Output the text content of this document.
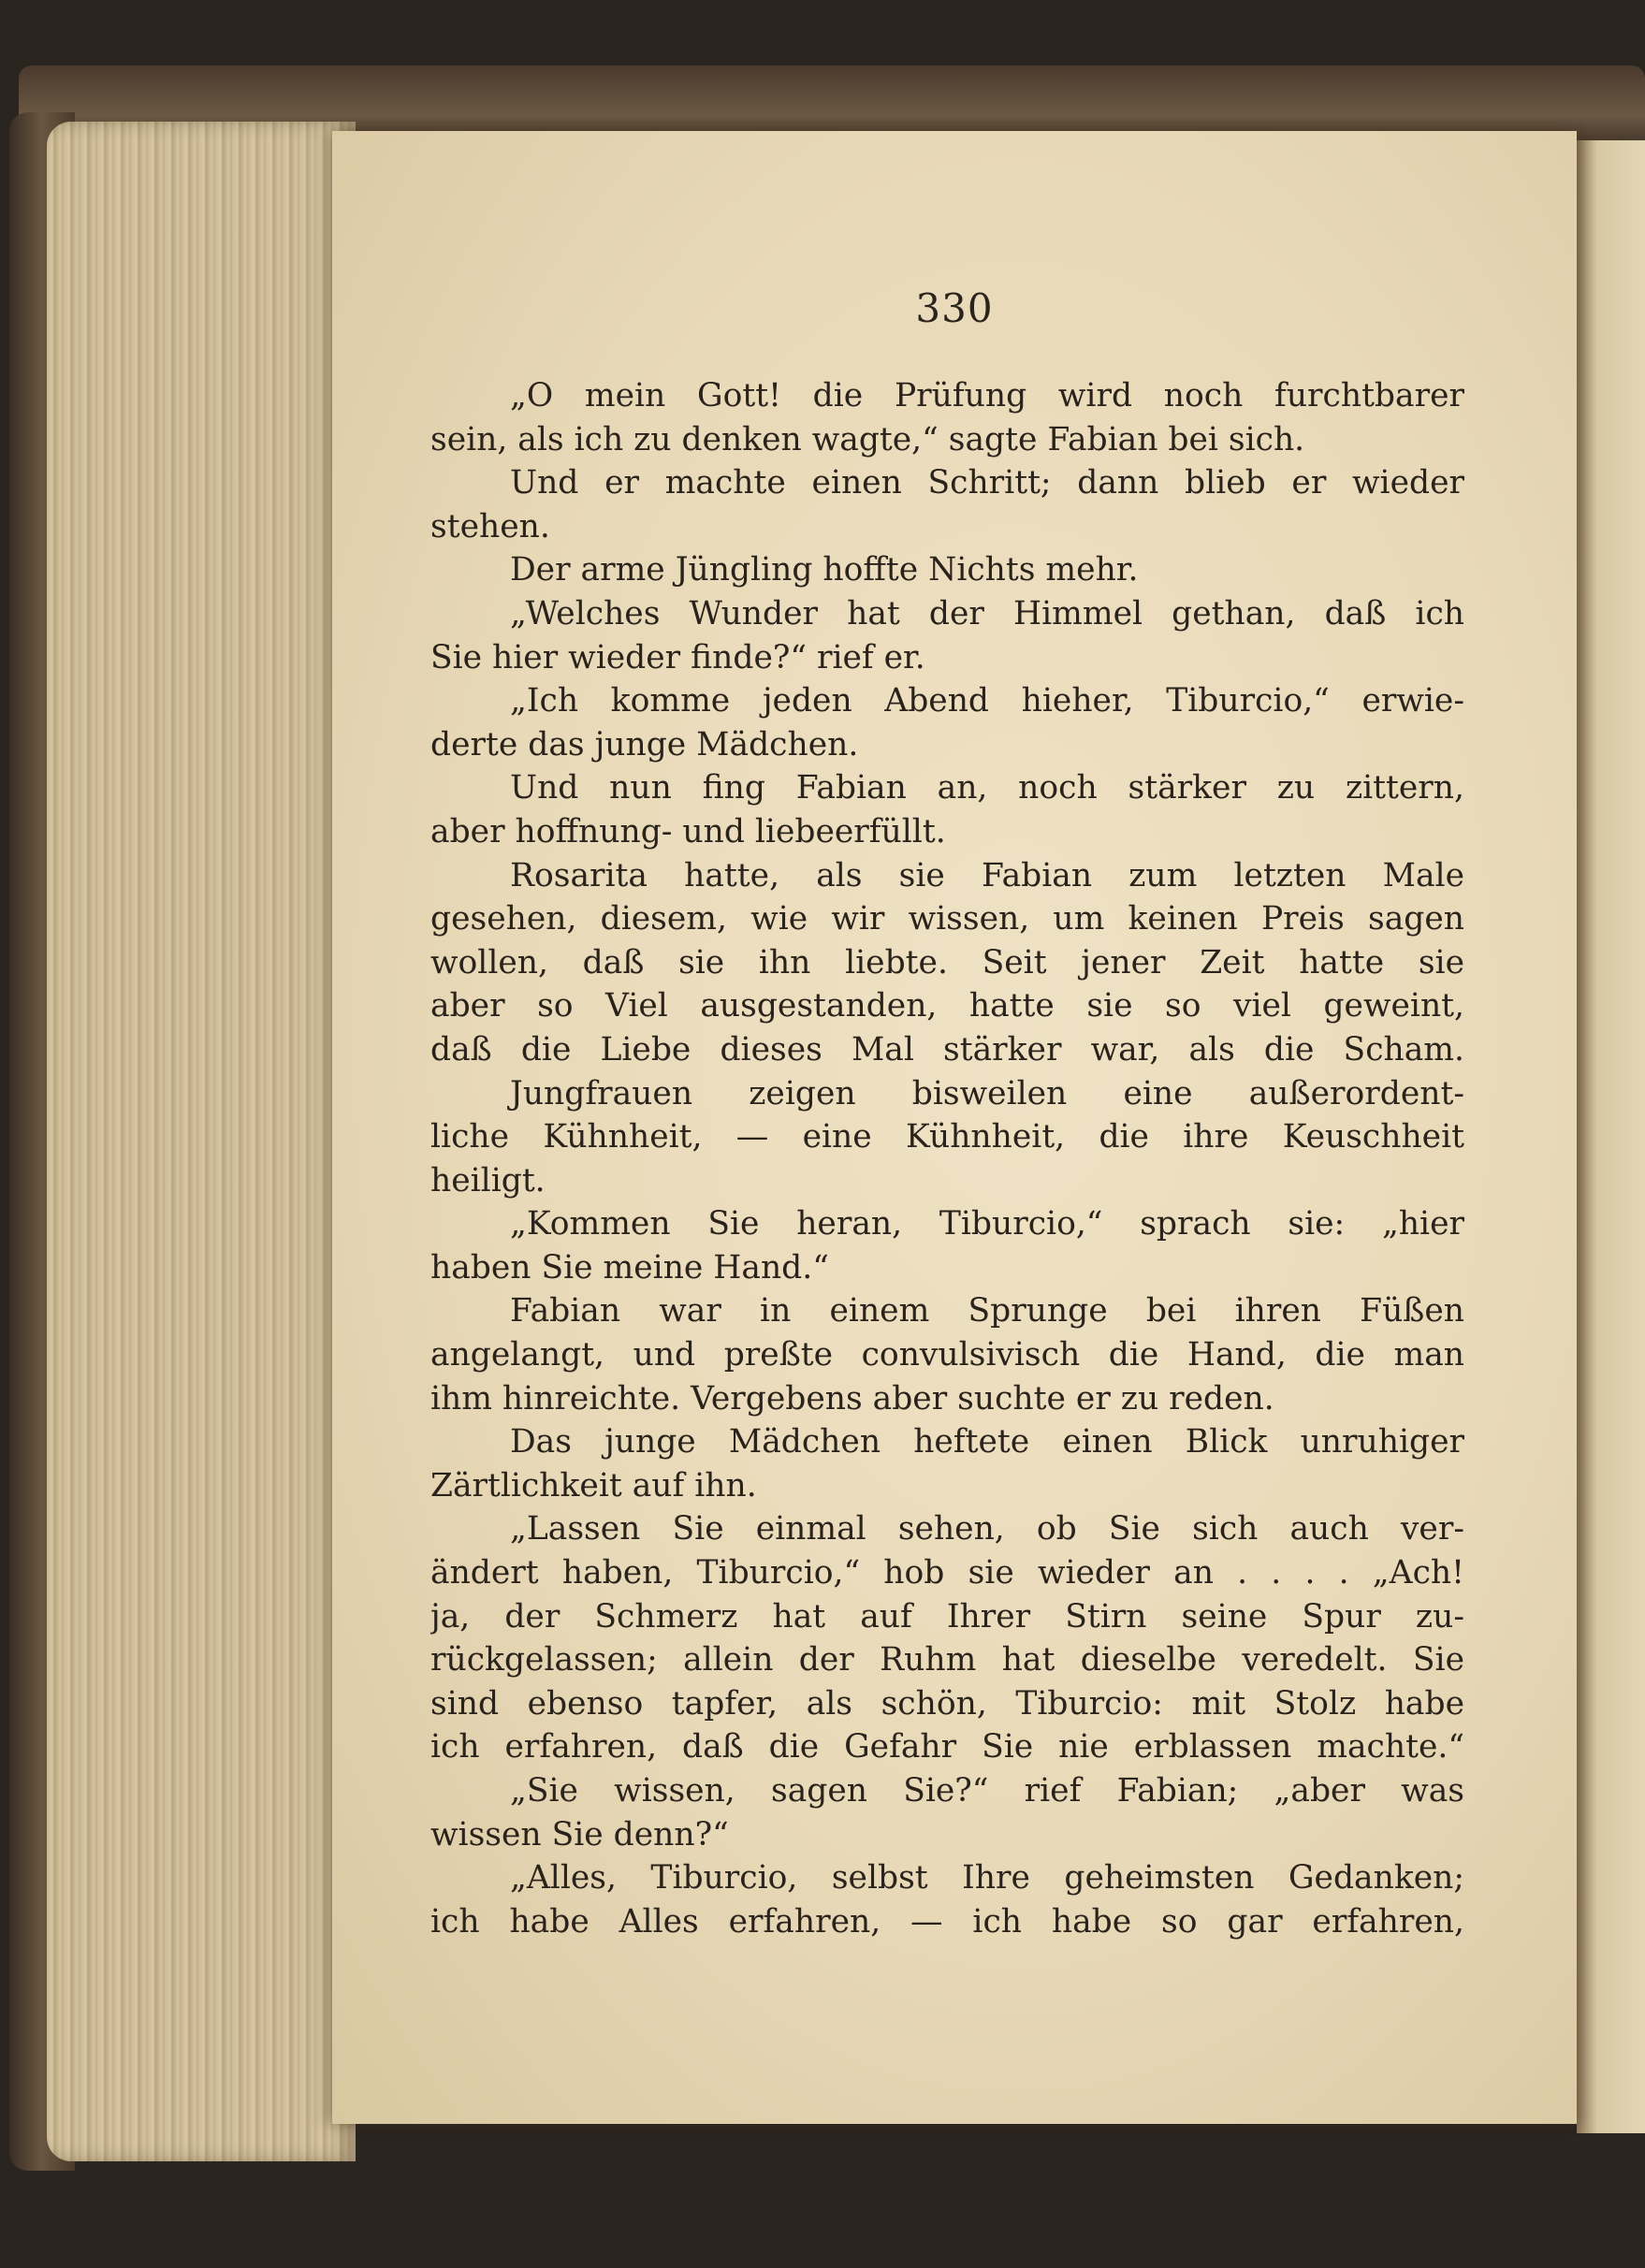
330
„O mein Gott! die Prüfung wird noch furchtbarer
sein, als ich zu denken wagte,“ sagte Fabian bei sich.
Und er machte einen Schritt; dann blieb er wieder
stehen.
Der arme Jüngling hoffte Nichts mehr.
„Welches Wunder hat der Himmel gethan, daß ich
Sie hier wieder finde?“ rief er.
„Ich komme jeden Abend hieher, Tiburcio,“ erwie-
derte das junge Mädchen.
Und nun fing Fabian an, noch stärker zu zittern,
aber hoffnung- und liebeerfüllt.
Rosarita hatte, als sie Fabian zum letzten Male
gesehen, diesem, wie wir wissen, um keinen Preis sagen
wollen, daß sie ihn liebte. Seit jener Zeit hatte sie
aber so Viel ausgestanden, hatte sie so viel geweint,
daß die Liebe dieses Mal stärker war, als die Scham.
Jungfrauen zeigen bisweilen eine außerordent-
liche Kühnheit, — eine Kühnheit, die ihre Keuschheit
heiligt.
„Kommen Sie heran, Tiburcio,“ sprach sie: „hier
haben Sie meine Hand.“
Fabian war in einem Sprunge bei ihren Füßen
angelangt, und preßte convulsivisch die Hand, die man
ihm hinreichte. Vergebens aber suchte er zu reden.
Das junge Mädchen heftete einen Blick unruhiger
Zärtlichkeit auf ihn.
„Lassen Sie einmal sehen, ob Sie sich auch ver-
ändert haben, Tiburcio,“ hob sie wieder an . . . . „Ach!
ja, der Schmerz hat auf Ihrer Stirn seine Spur zu-
rückgelassen; allein der Ruhm hat dieselbe veredelt. Sie
sind ebenso tapfer, als schön, Tiburcio: mit Stolz habe
ich erfahren, daß die Gefahr Sie nie erblassen machte.“
„Sie wissen, sagen Sie?“ rief Fabian; „aber was
wissen Sie denn?“
„Alles, Tiburcio, selbst Ihre geheimsten Gedanken;
ich habe Alles erfahren, — ich habe so gar erfahren,
